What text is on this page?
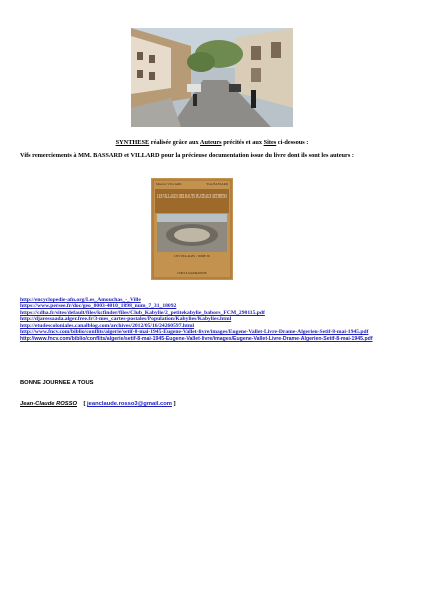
SYNTHESE réalisée grâce aux Auteurs précités et aux Sites ci-dessous :
Vifs remerciements à MM. BASSARD et VILLARD pour la précieuse documentation issue du livre dont ils sont les auteurs :
Maurice VILLARD	Yves BASSARD
LES VILLAGES DES HAUTS PLATEAUX SETIFIENS
LES VILLAGES - TOME III
CERCLE ALGERIANISTE
http://encyclopedie-afn.org/Les_Amouchas_-_Ville
https://www.persee.fr/doc/geo_0003-4010_1898_num_7_31_18092
https://cdha.fr/sites/default/files/kcfinder/files/Club_Kabylie/2_petitekabylie_babors_FCM_290115.pdf
http://djaressaada.alger.free.fr/3-mes_cartes-postales/Population/Kabylies/Kabylies.html
http://etudescoloniales.canalblog.com/archives/2012/05/16/24260597.html
http://www.fncv.com/biblio/conflits/algerie/setif-8-mai-1945-Eugene-Vallet-livre/images/Eugene-Vallet-Livre-Drame-Algerien-Setif-8-mai-1945.pdf
http://www.fncv.com/biblio/conflits/algerie/setif-8-mai-1945-Eugene-Vallet-livre/images/Eugene-Vallet-Livre-Drame-Algerien-Setif-8-mai-1945.pdf
BONNE JOURNEE A TOUS
Jean-Claude ROSSO [ jeanclaude.rosso3@gmail.com ]
